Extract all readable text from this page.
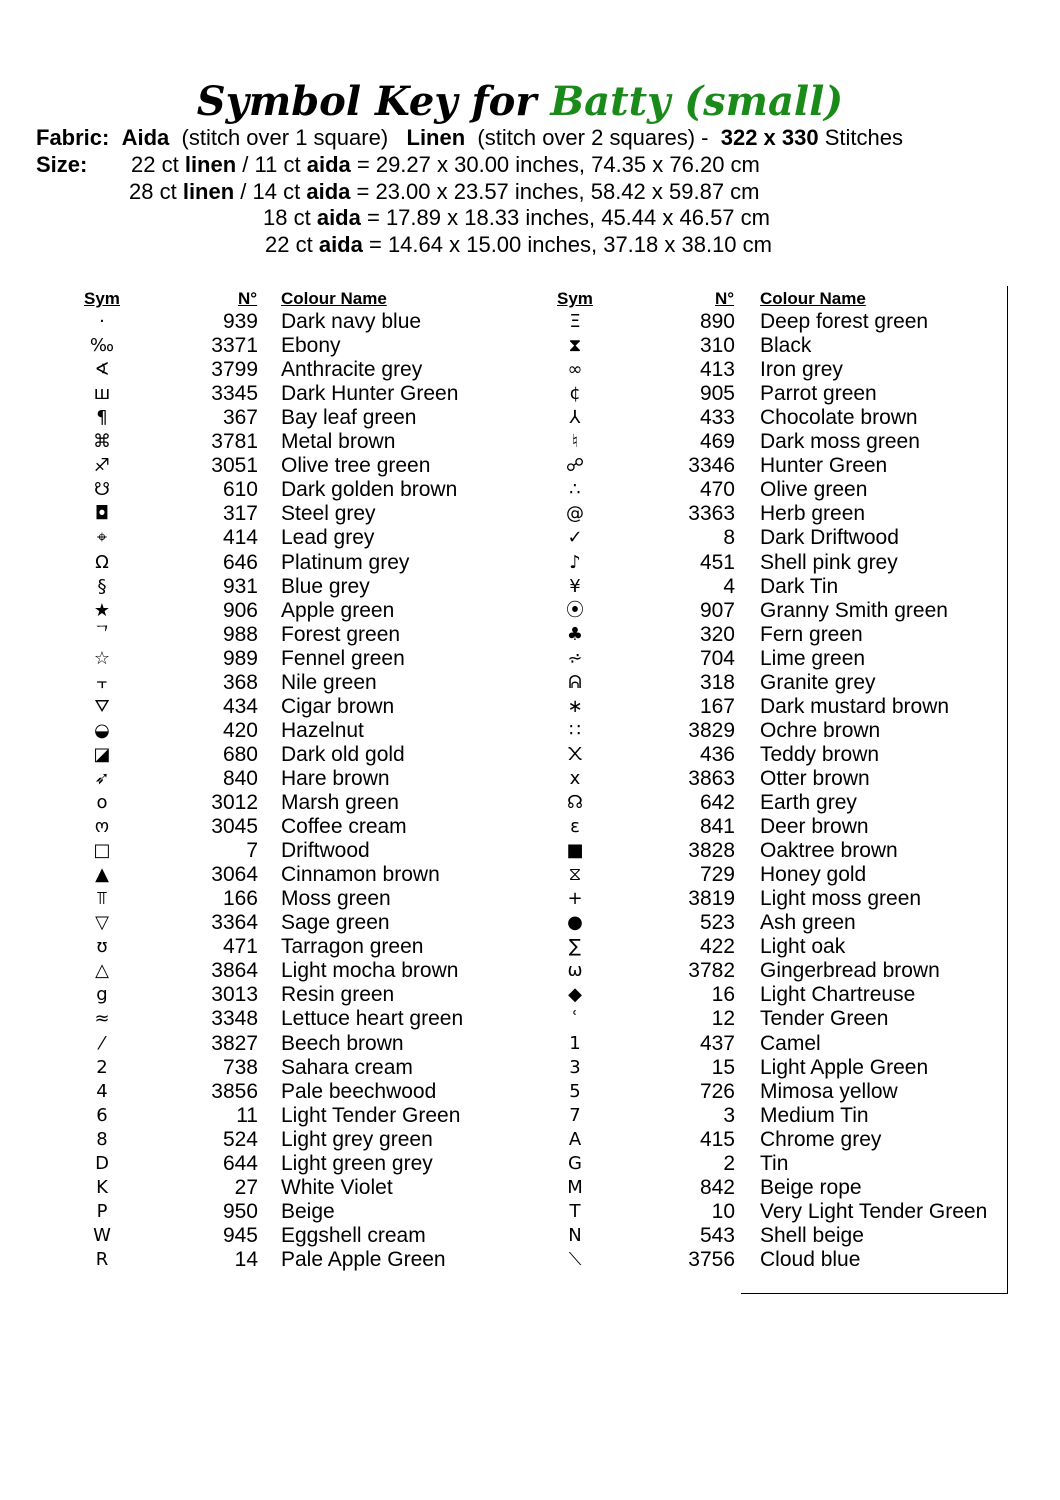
Symbol Key for Batty (small)
Fabric: Aida (stitch over 1 square) Linen (stitch over 2 squares) - 322 x 330 Stitches
Size: 22 ct linen / 11 ct aida = 29.27 x 30.00 inches, 74.35 x 76.20 cm
28 ct linen / 14 ct aida = 23.00 x 23.57 inches, 58.42 x 59.87 cm
18 ct aida = 17.89 x 18.33 inches, 45.44 x 46.57 cm
22 ct aida = 14.64 x 15.00 inches, 37.18 x 38.10 cm
Sym	N° Colour Name	Sym	N° Colour Name
·	939 Dark navy blue
‰	3371 Ebony
∢	3799 Anthracite grey
ш	3345 Dark Hunter Green
¶	367 Bay leaf green
⌘	3781 Metal brown
♐	3051 Olive tree green
☋	610 Dark golden brown
◘	317 Steel grey
⌖	414 Lead grey
Ω	646 Platinum grey
§	931 Blue grey
★	906 Apple green
ᄀ	988 Forest green
☆	989 Fennel green
⫟	368 Nile green
⛛	434 Cigar brown
◒	420 Hazelnut
◪	680 Dark old gold
➶	840 Hare brown
o	3012 Marsh green
ო	3045 Coffee cream
□	7 Driftwood
▲	3064 Cinnamon brown
⫪	166 Moss green
▽	3364 Sage green
ʊ	471 Tarragon green
△	3864 Light mocha brown
g	3013 Resin green
≈	3348 Lettuce heart green
⁄	3827 Beech brown
2	738 Sahara cream
4	3856 Pale beechwood
6	11 Light Tender Green
8	524 Light grey green
D	644 Light green grey
K	27 White Violet
P	950 Beige
W	945 Eggshell cream
R	14 Pale Apple Green
Ξ	890 Deep forest green
⧗	310 Black
∞	413 Iron grey
¢	905 Parrot green
⅄	433 Chocolate brown
♮	469 Dark moss green
☍	3346 Hunter Green
∴	470 Olive green
@	3363 Herb green
✓	8 Dark Driftwood
♪	451 Shell pink grey
¥	4 Dark Tin
⦿	907 Granny Smith green
♣	320 Fern green
⩫	704 Lime green
ᕱ	318 Granite grey
∗	167 Dark mustard brown
∷	3829 Ochre brown
᙭	436 Teddy brown
x	3863 Otter brown
☊	642 Earth grey
ɛ	841 Deer brown
■	3828 Oaktree brown
⧖	729 Honey gold
+	3819 Light moss green
●	523 Ash green
∑	422 Light oak
ω	3782 Gingerbread brown
◆	16 Light Chartreuse
ʿ	12 Tender Green
1	437 Camel
3	15 Light Apple Green
5	726 Mimosa yellow
7	3 Medium Tin
A	415 Chrome grey
G	2 Tin
M	842 Beige rope
T	10 Very Light Tender Green
N	543 Shell beige
⟍	3756 Cloud blue
